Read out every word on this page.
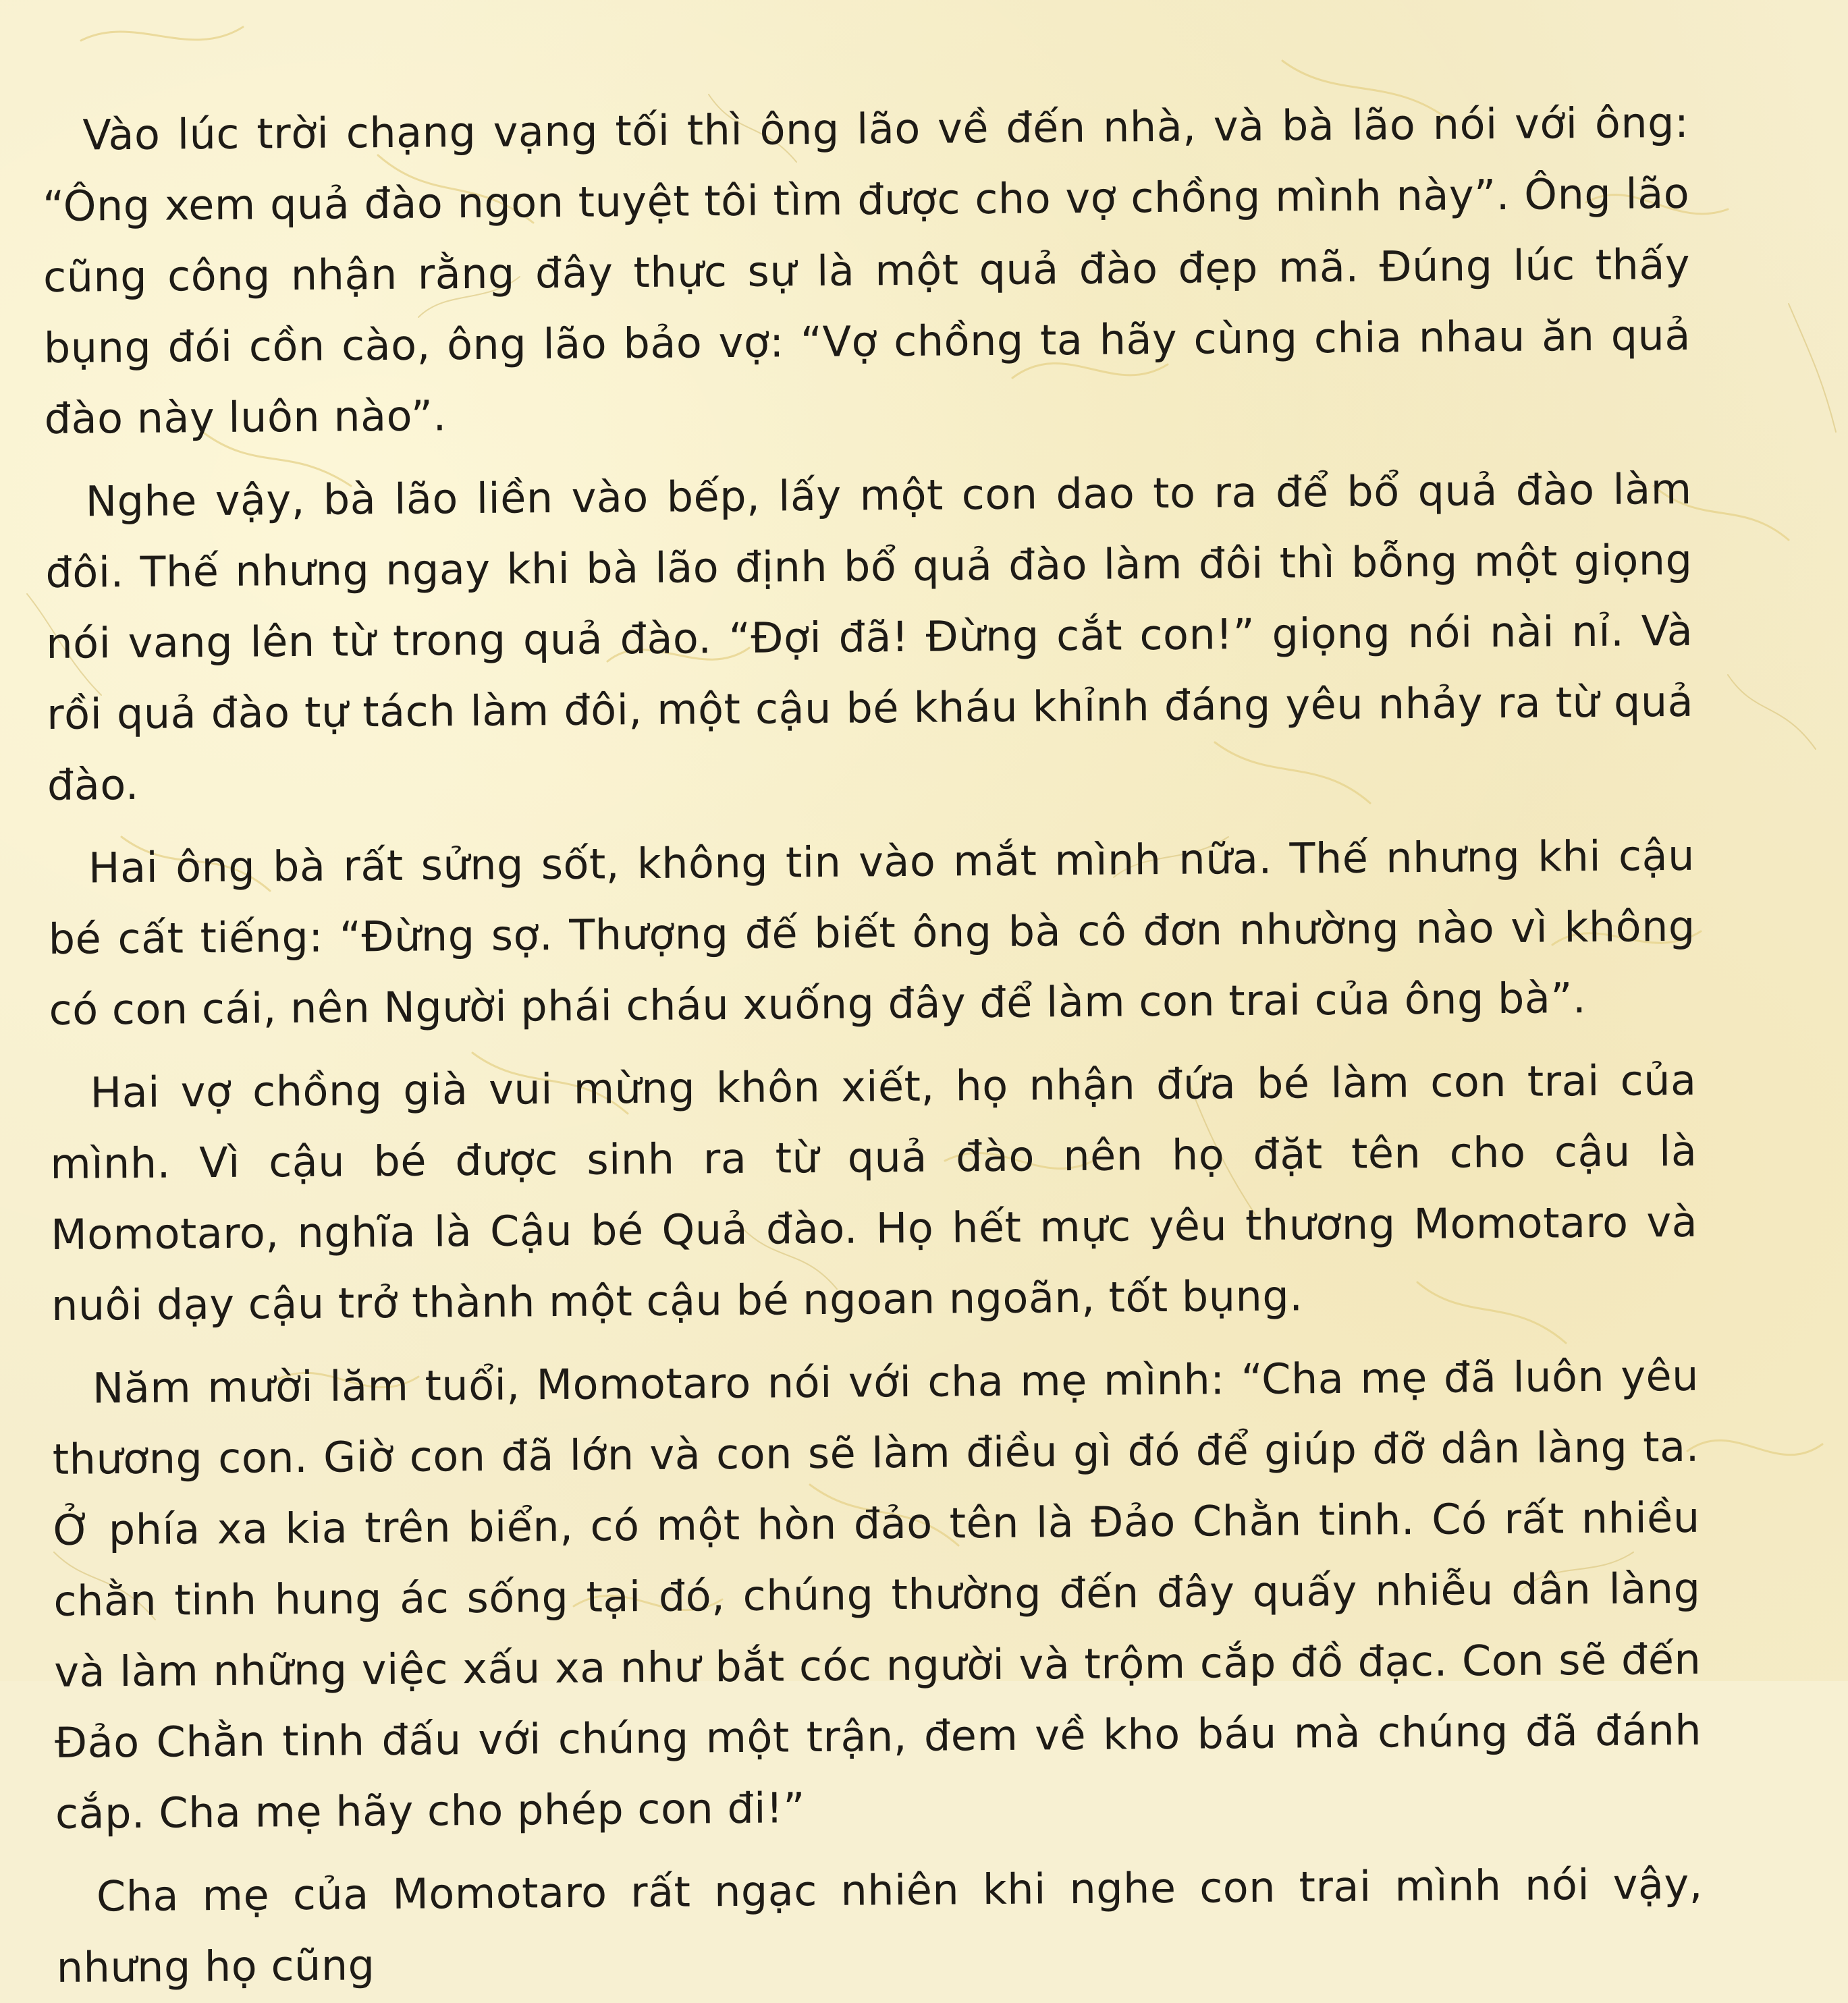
Vào lúc trời chạng vạng tối thì ông lão về đến nhà, và bà lão nói với ông: “Ông xem quả đào ngon tuyệt tôi tìm được cho vợ chồng mình này”. Ông lão cũng công nhận rằng đây thực sự là một quả đào đẹp mã. Đúng lúc thấy bụng đói cồn cào, ông lão bảo vợ: “Vợ chồng ta hãy cùng chia nhau ăn quả đào này luôn nào”.

Nghe vậy, bà lão liền vào bếp, lấy một con dao to ra để bổ quả đào làm đôi. Thế nhưng ngay khi bà lão định bổ quả đào làm đôi thì bỗng một giọng nói vang lên từ trong quả đào. “Đợi đã! Đừng cắt con!” giọng nói nài nỉ. Và rồi quả đào tự tách làm đôi, một cậu bé kháu khỉnh đáng yêu nhảy ra từ quả đào.

Hai ông bà rất sửng sốt, không tin vào mắt mình nữa. Thế nhưng khi cậu bé cất tiếng: “Đừng sợ. Thượng đế biết ông bà cô đơn nhường nào vì không có con cái, nên Người phái cháu xuống đây để làm con trai của ông bà”.

Hai vợ chồng già vui mừng khôn xiết, họ nhận đứa bé làm con trai của mình. Vì cậu bé được sinh ra từ quả đào nên họ đặt tên cho cậu là Momotaro, nghĩa là Cậu bé Quả đào. Họ hết mực yêu thương Momotaro và nuôi dạy cậu trở thành một cậu bé ngoan ngoãn, tốt bụng.

Năm mười lăm tuổi, Momotaro nói với cha mẹ mình: “Cha mẹ đã luôn yêu thương con. Giờ con đã lớn và con sẽ làm điều gì đó để giúp đỡ dân làng ta. Ở phía xa kia trên biển, có một hòn đảo tên là Đảo Chằn tinh. Có rất nhiều chằn tinh hung ác sống tại đó, chúng thường đến đây quấy nhiễu dân làng và làm những việc xấu xa như bắt cóc người và trộm cắp đồ đạc. Con sẽ đến Đảo Chằn tinh đấu với chúng một trận, đem về kho báu mà chúng đã đánh cắp. Cha mẹ hãy cho phép con đi!”

Cha mẹ của Momotaro rất ngạc nhiên khi nghe con trai mình nói vậy, nhưng họ cũng
